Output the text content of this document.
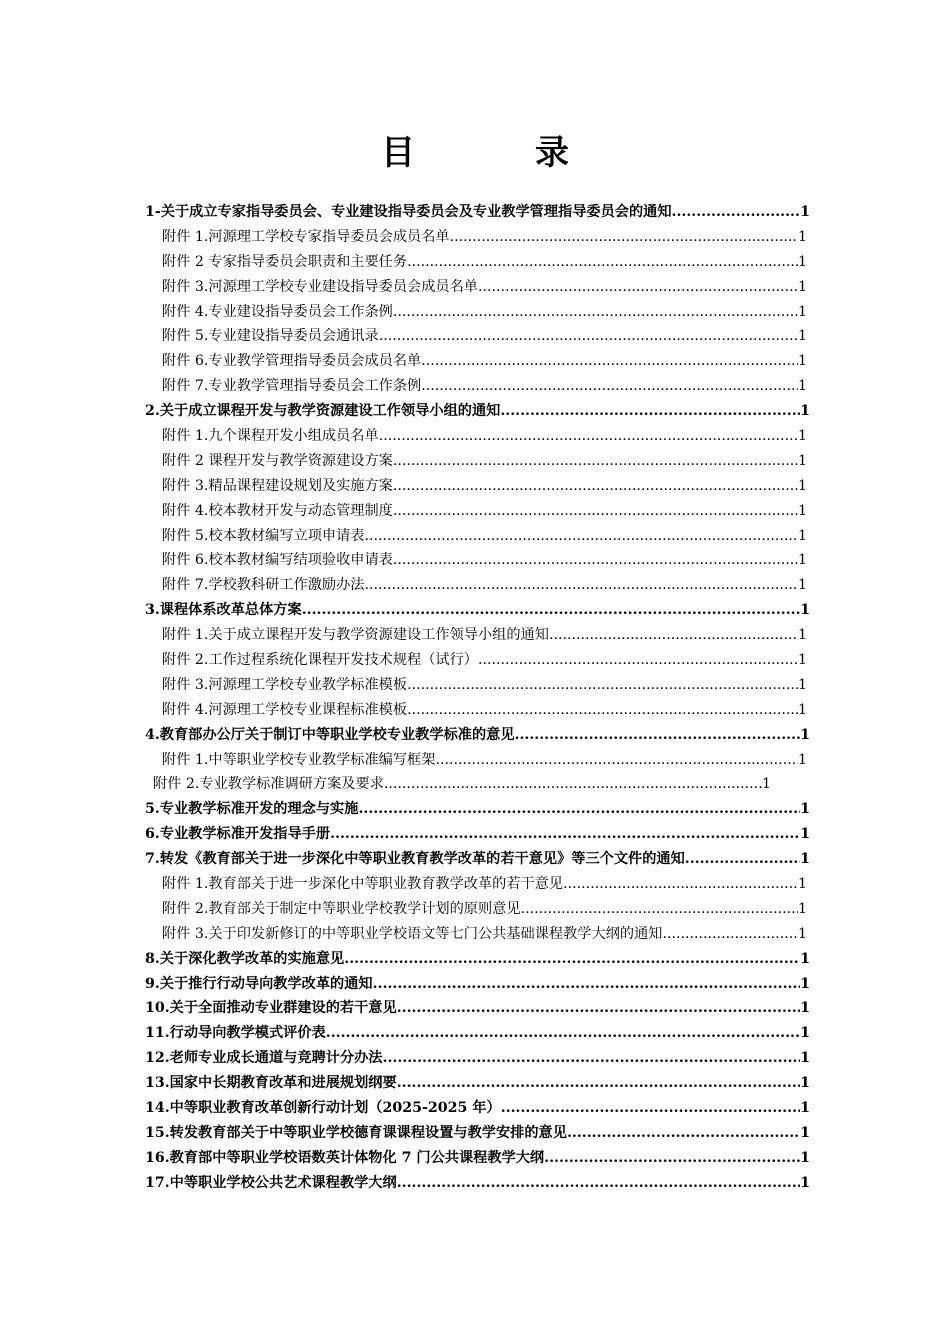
目	录
1-关于成立专家指导委员会、专业建设指导委员会及专业教学管理指导委员会的通知 .....	1
附件 1.河源理工学校专家指导委员会成员名单 .....	1
附件 2 专家指导委员会职责和主要任务 .....	1
附件 3.河源理工学校专业建设指导委员会成员名单 .....	1
附件 4.专业建设指导委员会工作条例 .....	1
附件 5.专业建设指导委员会通讯录 .....	1
附件 6.专业教学管理指导委员会成员名单 .....	1
附件 7.专业教学管理指导委员会工作条例 .....	1
2.关于成立课程开发与教学资源建设工作领导小组的通知 .....	1
附件 1.九个课程开发小组成员名单 .....	1
附件 2 课程开发与教学资源建设方案 .....	1
附件 3.精品课程建设规划及实施方案 .....	1
附件 4.校本教材开发与动态管理制度 .....	1
附件 5.校本教材编写立项申请表 .....	1
附件 6.校本教材编写结项验收申请表 .....	1
附件 7.学校教科研工作激励办法 .....	1
3.课程体系改革总体方案 .....	1
附件 1.关于成立课程开发与教学资源建设工作领导小组的通知 .....	1
附件 2.工作过程系统化课程开发技术规程（试行） .....	1
附件 3.河源理工学校专业教学标准模板 .....	1
附件 4.河源理工学校专业课程标准模板 .....	1
4.教育部办公厅关于制订中等职业学校专业教学标准的意见 .....	1
附件 1.中等职业学校专业教学标准编写框架 .....	1
附件 2.专业教学标准调研方案及要求 .....	1
5.专业教学标准开发的理念与实施 .....	1
6.专业教学标准开发指导手册 .....	1
7.转发《教育部关于进一步深化中等职业教育教学改革的若干意见》等三个文件的通知 .....	1
附件 1.教育部关于进一步深化中等职业教育教学改革的若干意见 .....	1
附件 2.教育部关于制定中等职业学校教学计划的原则意见 .....	1
附件 3.关于印发新修订的中等职业学校语文等七门公共基础课程教学大纲的通知 .....	1
8.关于深化教学改革的实施意见 .....	1
9.关于推行行动导向教学改革的通知 .....	1
10.关于全面推动专业群建设的若干意见 .....	1
11.行动导向教学模式评价表 .....	1
12.老师专业成长通道与竞聘计分办法 .....	1
13.国家中长期教育改革和进展规划纲要 .....	1
14.中等职业教育改革创新行动计划（2025-2025 年） .....	1
15.转发教育部关于中等职业学校德育课课程设置与教学安排的意见 .....	1
16.教育部中等职业学校语数英计体物化 7 门公共课程教学大纲 .....	1
17.中等职业学校公共艺术课程教学大纲 .....	1
